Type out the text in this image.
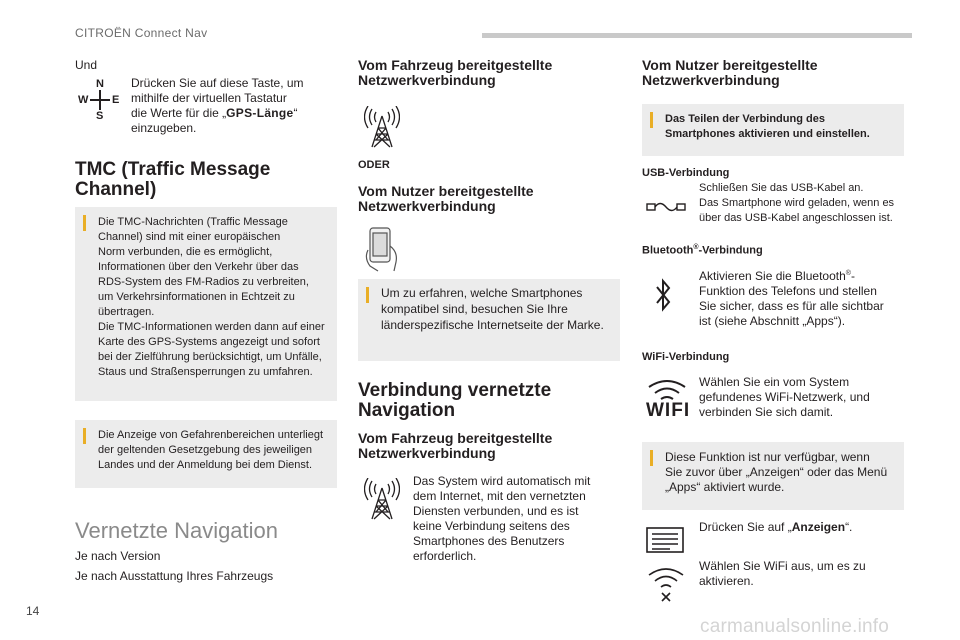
CITROËN Connect Nav
14
carmanualsonline.info
Und
N
W E
S

Drücken Sie auf diese Taste, um

mithilfe der virtuellen Tastatur

die Werte für die „GPS-Länge“

einzugeben.

TMC (Traffic Message

Channel)

Die TMC-Nachrichten (Traffic Message

Channel) sind mit einer europäischen

Norm verbunden, die es ermöglicht,

Informationen über den Verkehr über das

RDS-System des FM-Radios zu verbreiten,

um Verkehrsinformationen in Echtzeit zu

übertragen.

Die TMC-Informationen werden dann auf einer

Karte des GPS-Systems angezeigt und sofort

bei der Zielführung berücksichtigt, um Unfälle,

Staus und Straßensperrungen zu umfahren.

Die Anzeige von Gefahrenbereichen unterliegt

der geltenden Gesetzgebung des jeweiligen

Landes und der Anmeldung bei dem Dienst.

Vernetzte Navigation

Je nach Version

Je nach Ausstattung Ihres Fahrzeugs

Vom Fahrzeug bereitgestellte

Netzwerkverbindung

ODER

Vom Nutzer bereitgestellte

Netzwerkverbindung

Um zu erfahren, welche Smartphones

kompatibel sind, besuchen Sie Ihre

länderspezifische Internetseite der Marke.

Verbindung vernetzte

Navigation

Vom Fahrzeug bereitgestellte

Netzwerkverbindung

Das System wird automatisch mit

dem Internet, mit den vernetzten

Diensten verbunden, und es ist

keine Verbindung seitens des

Smartphones des Benutzers

erforderlich.

Vom Nutzer bereitgestellte

Netzwerkverbindung

Das Teilen der Verbindung des

Smartphones aktivieren und einstellen.

USB-Verbindung

Schließen Sie das USB-Kabel an.

Das Smartphone wird geladen, wenn es

über das USB-Kabel angeschlossen ist.

Bluetooth®-Verbindung

Aktivieren Sie die Bluetooth®-

Funktion des Telefons und stellen

Sie sicher, dass es für alle sichtbar

ist (siehe Abschnitt „Apps“).

WiFi-Verbindung
WIFI

Wählen Sie ein vom System

gefundenes WiFi-Netzwerk, und

verbinden Sie sich damit.

Diese Funktion ist nur verfügbar, wenn

Sie zuvor über „Anzeigen“ oder das Menü

„Apps“ aktiviert wurde.

Drücken Sie auf „Anzeigen“.

Wählen Sie WiFi aus, um es zu

aktivieren.
